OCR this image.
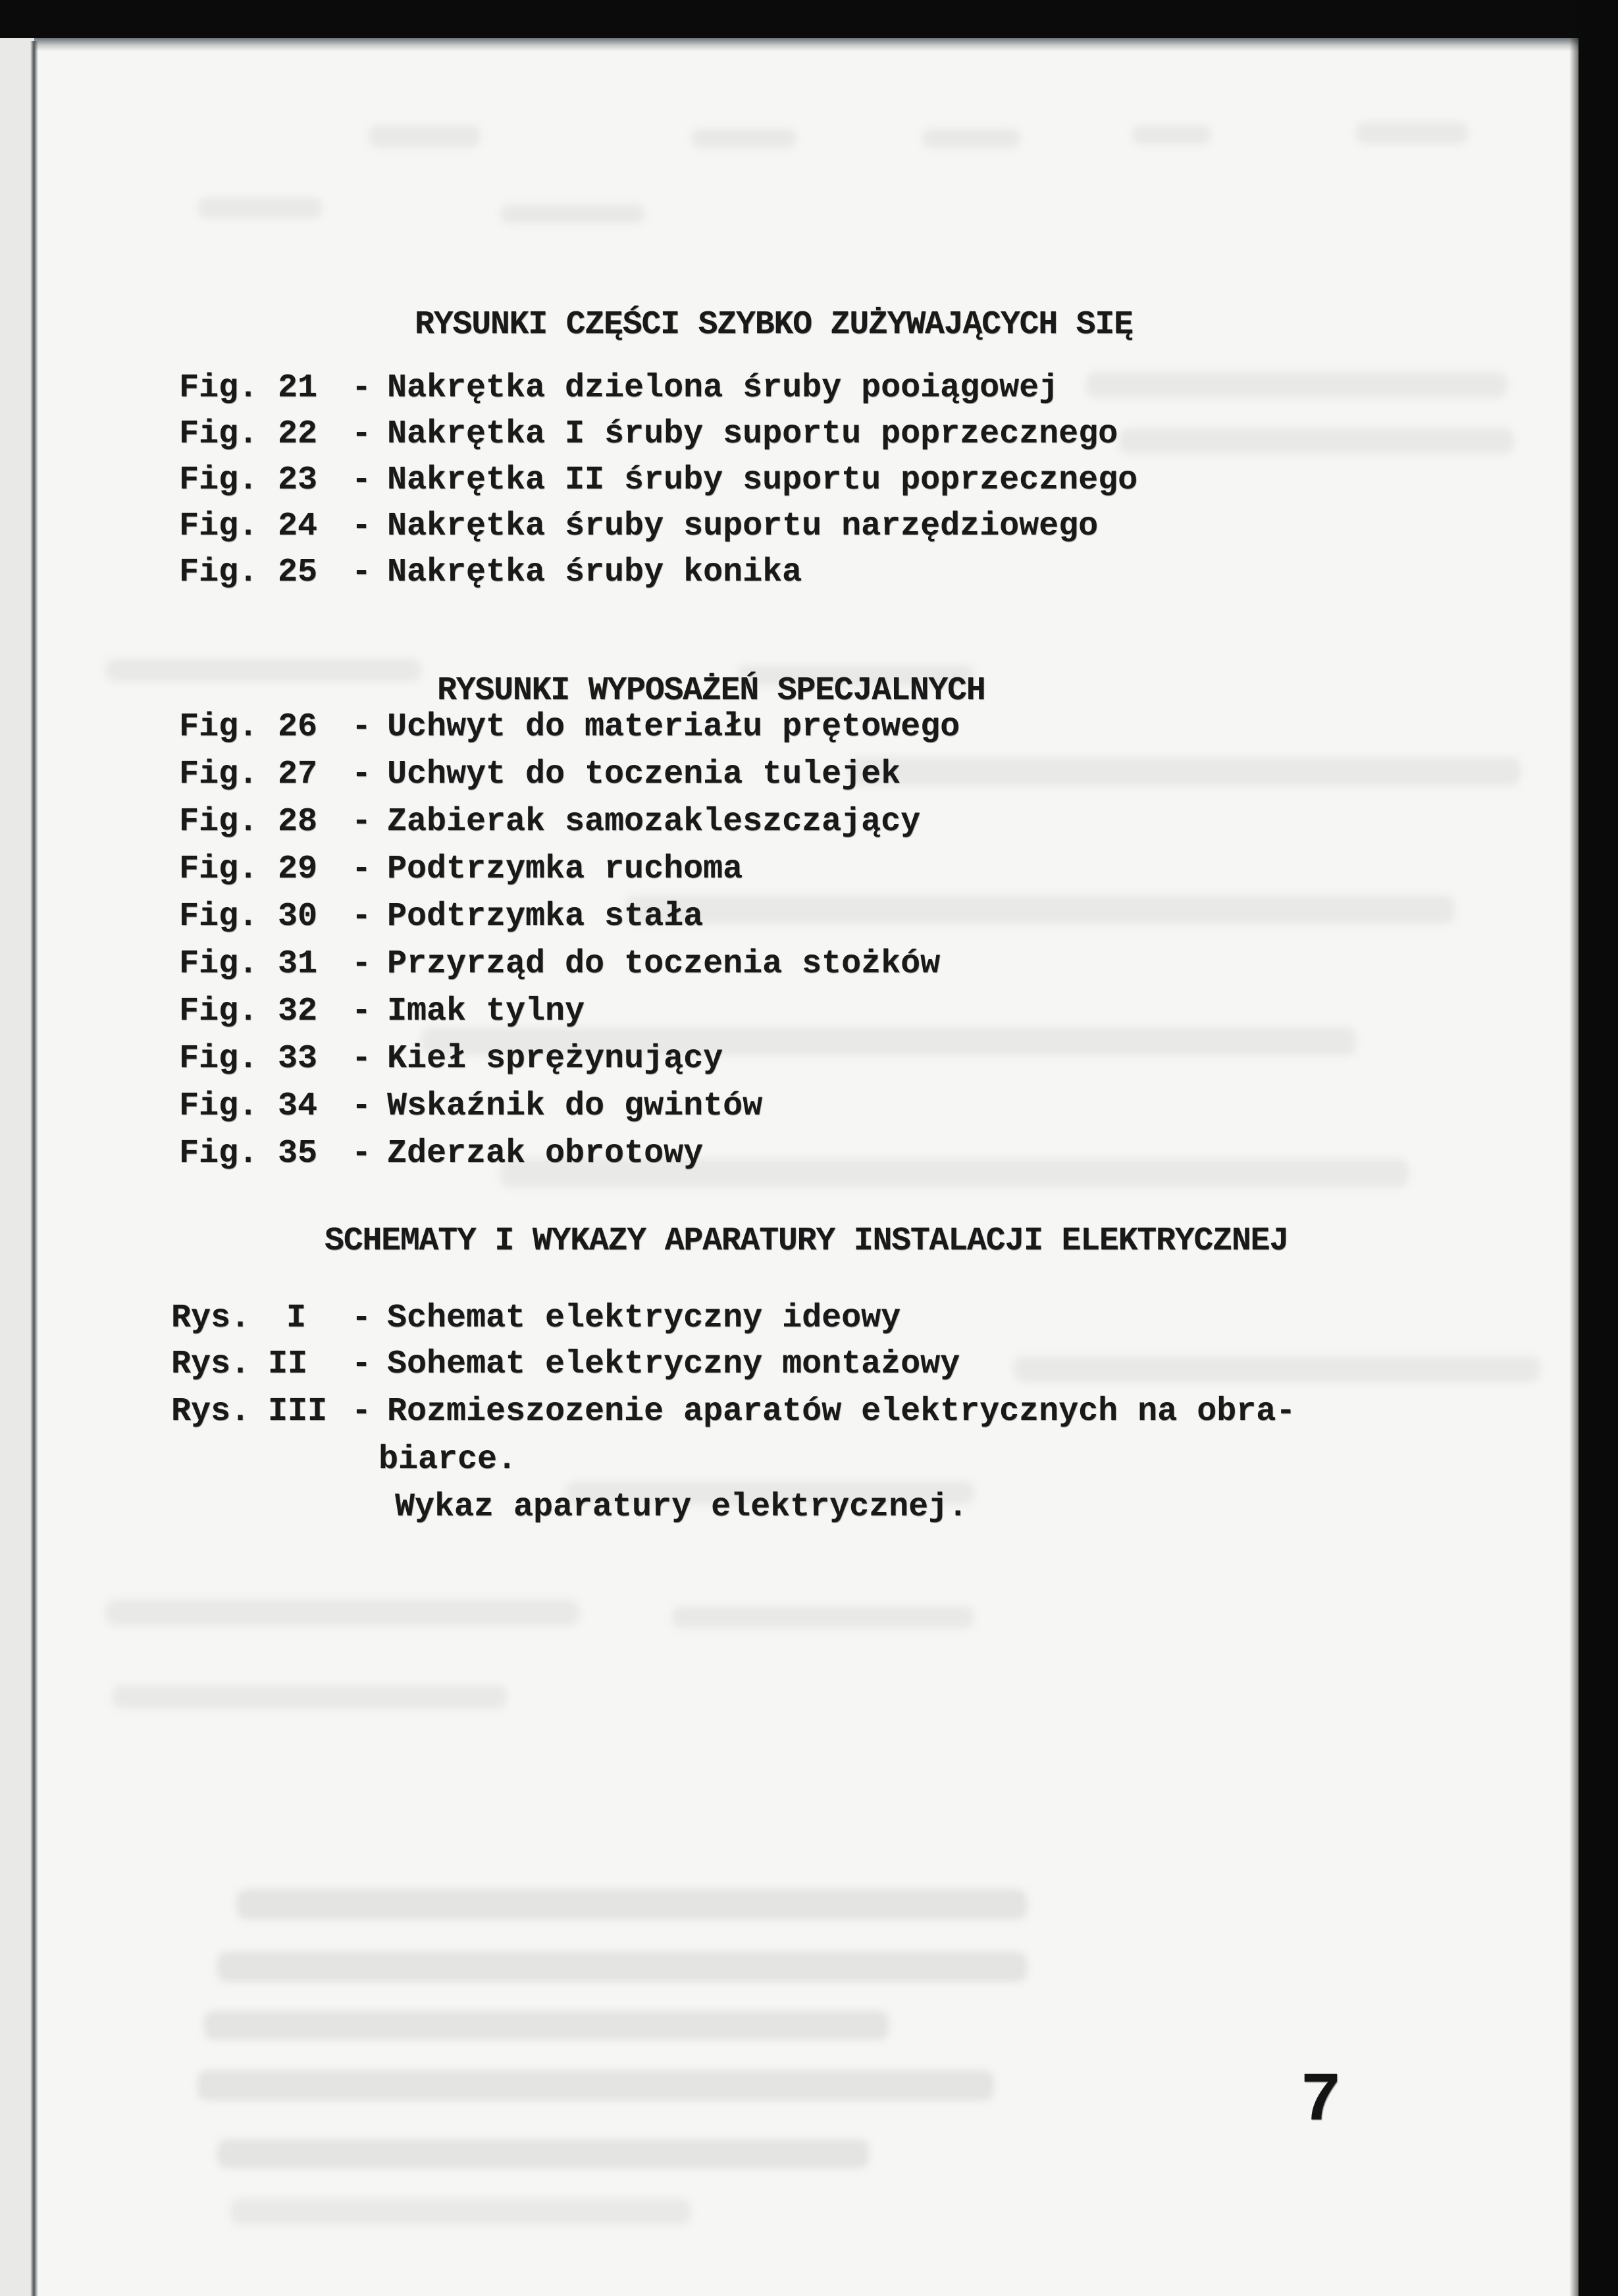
RYSUNKI CZĘŚCI SZYBKO ZUŻYWAJĄCYCH SIĘ
Fig. 21 - Nakrętka dzielona śruby pooiągowej
Fig. 22 - Nakrętka I śruby suportu poprzecznego
Fig. 23 - Nakrętka II śruby suportu poprzecznego
Fig. 24 - Nakrętka śruby suportu narzędziowego
Fig. 25 - Nakrętka śruby konika
RYSUNKI WYPOSAŻEŃ SPECJALNYCH
Fig. 26 - Uchwyt do materiału prętowego
Fig. 27 - Uchwyt do toczenia tulejek
Fig. 28 - Zabierak samozakleszczający
Fig. 29 - Podtrzymka ruchoma
Fig. 30 - Podtrzymka stała
Fig. 31 - Przyrząd do toczenia stożków
Fig. 32 - Imak tylny
Fig. 33 - Kieł sprężynujący
Fig. 34 - Wskaźnik do gwintów
Fig. 35 - Zderzak obrotowy
SCHEMATY I WYKAZY APARATURY INSTALACJI ELEKTRYCZNEJ
Rys. I - Schemat elektryczny ideowy
Rys. II - Sohemat elektryczny montażowy
Rys. III - Rozmieszozenie aparatów elektrycznych na obra-
biarce.
Wykaz aparatury elektrycznej.
7
